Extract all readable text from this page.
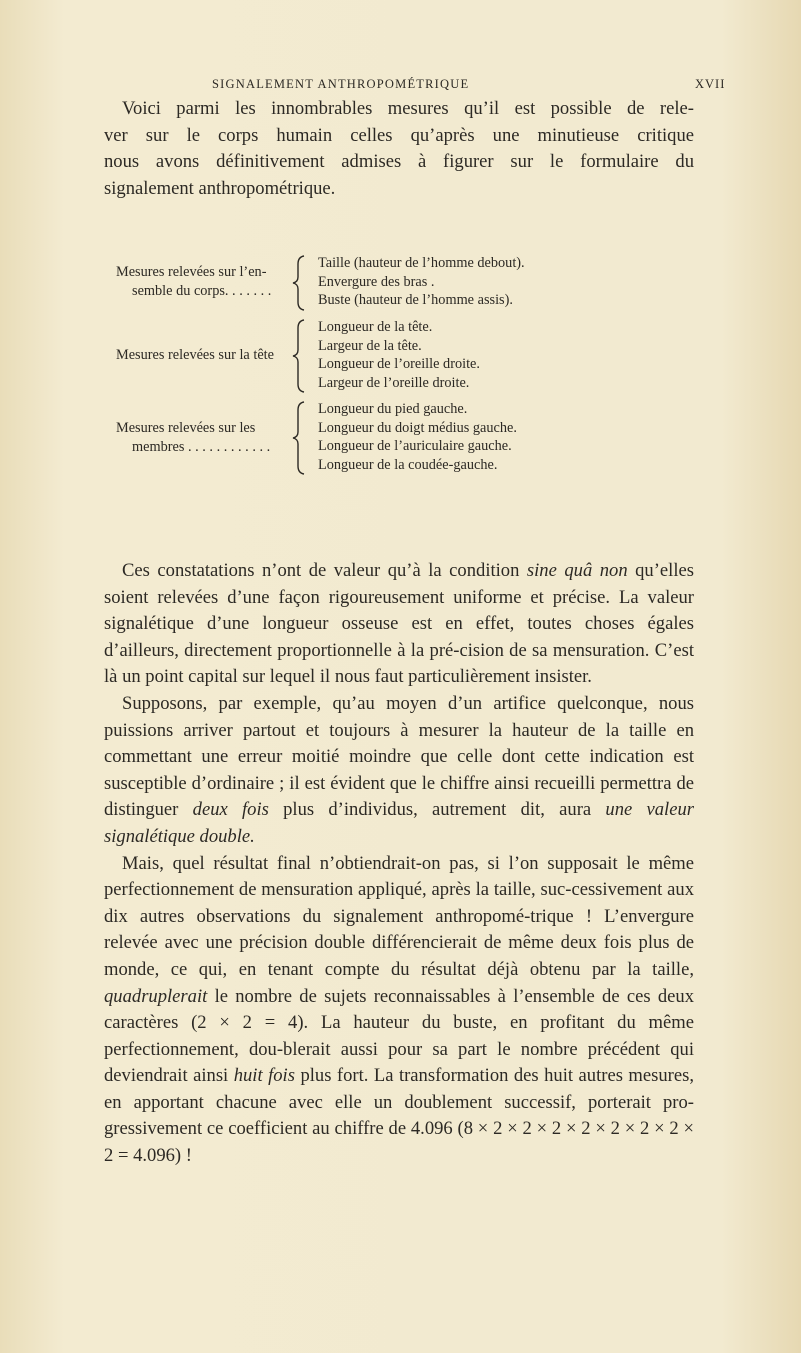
SIGNALEMENT ANTHROPOMÉTRIQUE	XVII

Voici parmi les innombrables mesures qu’il est possible de rele-

ver sur le corps humain celles qu’après une minutieuse critique

nous avons définitivement admises à figurer sur le formulaire du

signalement anthropométrique.

Mesures relevées sur l’en-
semble du corps. . . . . . .
Taille (hauteur de l’homme debout).
Envergure des bras .
Buste (hauteur de l’homme assis).
Mesures relevées sur la tête
Longueur de la tête.
Largeur de la tête.
Longueur de l’oreille droite.
Largeur de l’oreille droite.
Mesures relevées sur les
membres . . . . . . . . . . . .
Longueur du pied gauche.
Longueur du doigt médius gauche.
Longueur de l’auriculaire gauche.
Longueur de la coudée-gauche.

Ces constatations n’ont de valeur qu’à la condition sine quâ non qu’elles soient relevées d’une façon rigoureusement uniforme et précise. La valeur signalétique d’une longueur osseuse est en effet, toutes choses égales d’ailleurs, directement proportionnelle à la pré-cision de sa mensuration. C’est là un point capital sur lequel il nous faut particulièrement insister.

Supposons, par exemple, qu’au moyen d’un artifice quelconque, nous puissions arriver partout et toujours à mesurer la hauteur de la taille en commettant une erreur moitié moindre que celle dont cette indication est susceptible d’ordinaire ; il est évident que le chiffre ainsi recueilli permettra de distinguer deux fois plus d’individus, autrement dit, aura une valeur signalétique double.

Mais, quel résultat final n’obtiendrait-on pas, si l’on supposait le même perfectionnement de mensuration appliqué, après la taille, suc-cessivement aux dix autres observations du signalement anthropomé-trique ! L’envergure relevée avec une précision double différencierait de même deux fois plus de monde, ce qui, en tenant compte du résultat déjà obtenu par la taille, quadruplerait le nombre de sujets reconnaissables à l’ensemble de ces deux caractères (2 × 2 = 4). La hauteur du buste, en profitant du même perfectionnement, dou-blerait aussi pour sa part le nombre précédent qui deviendrait ainsi huit fois plus fort. La transformation des huit autres mesures, en apportant chacune avec elle un doublement successif, porterait pro-gressivement ce coefficient au chiffre de 4.096 (8 × 2 × 2 × 2 × 2 × 2 × 2 × 2 × 2 = 4.096) !
